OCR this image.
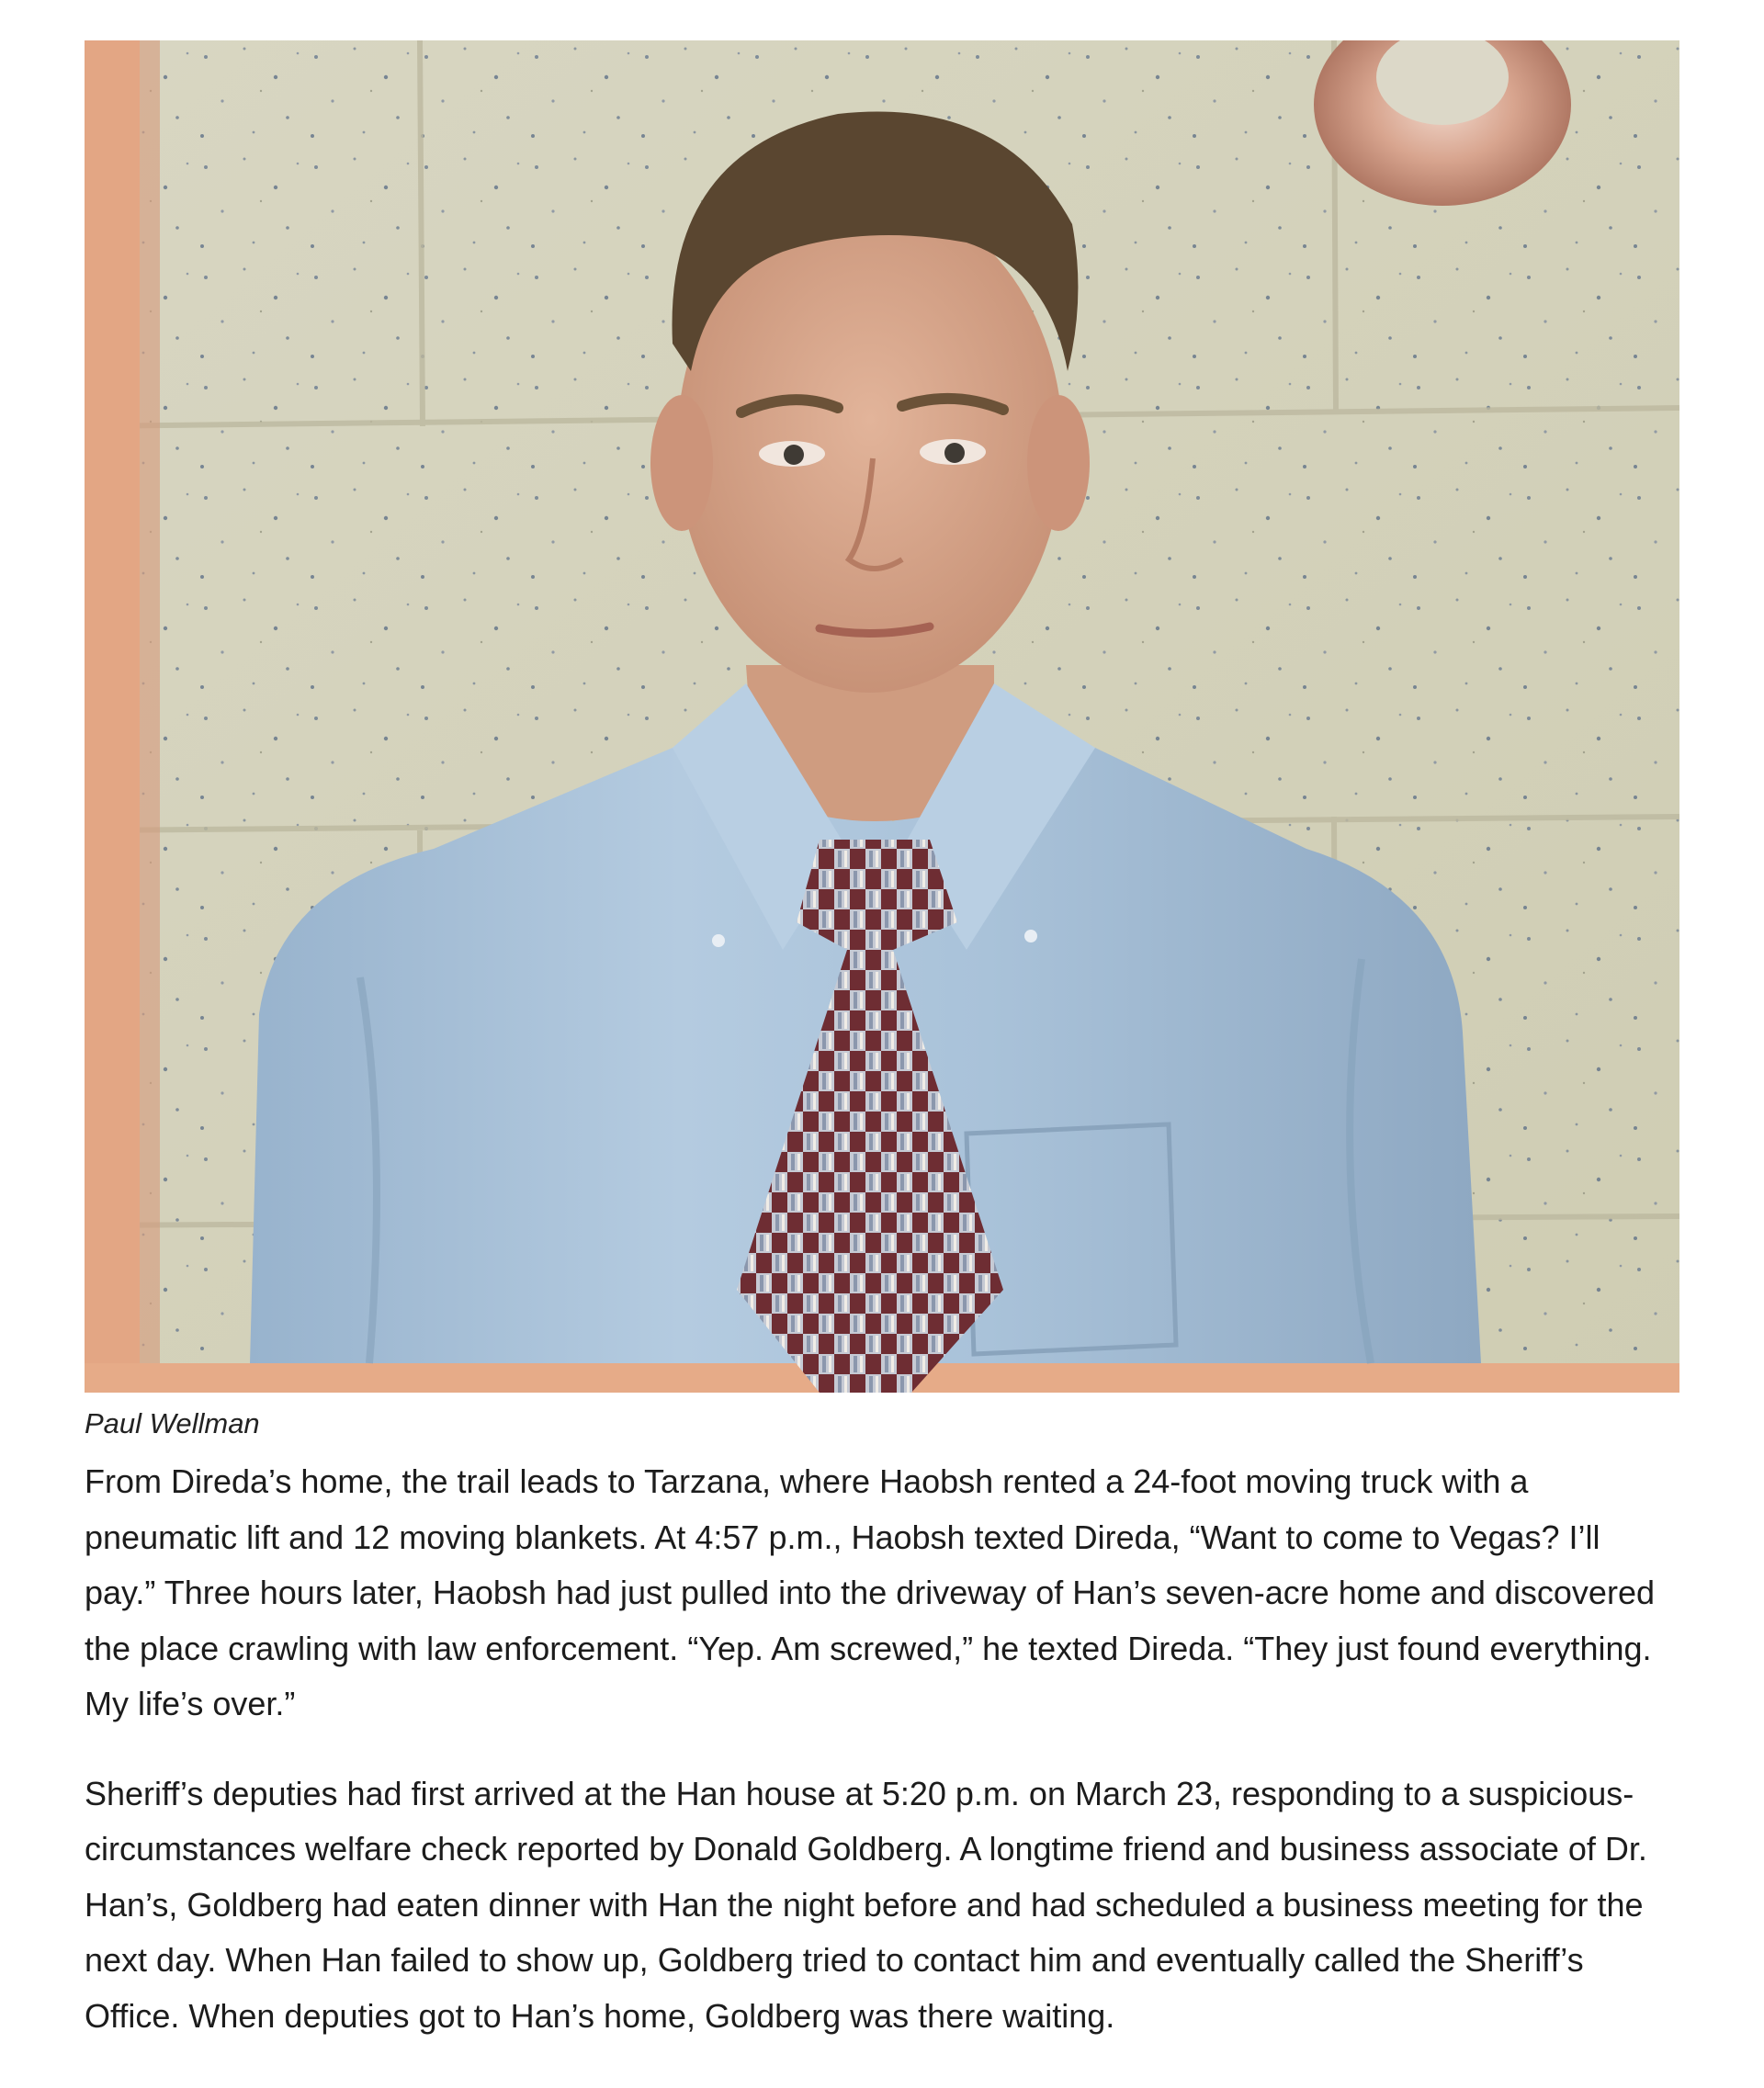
Paul Wellman

From Direda’s home, the trail leads to Tarzana, where Haobsh rented a 24-foot moving truck with a pneumatic lift and 12 moving blankets. At 4:57 p.m., Haobsh texted Direda, “Want to come to Vegas? I’ll pay.” Three hours later, Haobsh had just pulled into the driveway of Han’s seven-acre home and discovered the place crawling with law enforcement. “Yep. Am screwed,” he texted Direda. “They just found everything. My life’s over.”

Sheriff’s deputies had first arrived at the Han house at 5:20 p.m. on March 23, responding to a suspicious-circumstances welfare check reported by Donald Goldberg. A longtime friend and business associate of Dr. Han’s, Goldberg had eaten dinner with Han the night before and had scheduled a business meeting for the next day. When Han failed to show up, Goldberg tried to contact him and eventually called the Sheriff’s Office. When deputies got to Han’s home, Goldberg was there waiting.
